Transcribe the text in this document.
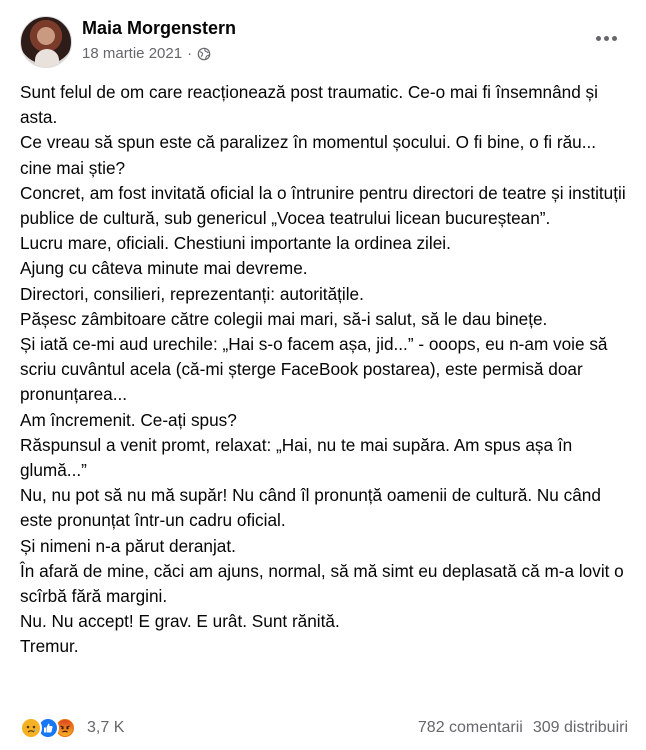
Maia Morgenstern
18 martie 2021 ·

Sunt felul de om care reacționează post traumatic. Ce-o mai fi însemnând și asta.

Ce vreau să spun este că paralizez în momentul șocului. O fi bine, o fi rău... cine mai știe?

Concret, am fost invitată oficial la o întrunire pentru directori de teatre și instituții publice de cultură, sub genericul „Vocea teatrului licean bucureștean”.

Lucru mare, oficiali. Chestiuni importante la ordinea zilei.

Ajung cu câteva minute mai devreme.

Directori, consilieri, reprezentanți: autoritățile.

Pășesc zâmbitoare către colegii mai mari, să-i salut, să le dau binețe.

Și iată ce-mi aud urechile: „Hai s-o facem așa, jid...” - ooops, eu n-am voie să scriu cuvântul acela (că-mi șterge FaceBook postarea), este permisă doar pronunțarea...

Am încremenit. Ce-ați spus?

Răspunsul a venit promt, relaxat: „Hai, nu te mai supăra. Am spus așa în glumă...”

Nu, nu pot să nu mă supăr! Nu când îl pronunță oamenii de cultură. Nu când este pronunțat într-un cadru oficial.

Și nimeni n-a părut deranjat.

În afară de mine, căci am ajuns, normal, să mă simt eu deplasată că m-a lovit o scîrbă fără margini.

Nu. Nu accept! E grav. E urât. Sunt rănită.

Tremur.

3,7 K	782 comentarii 309 distribuiri
